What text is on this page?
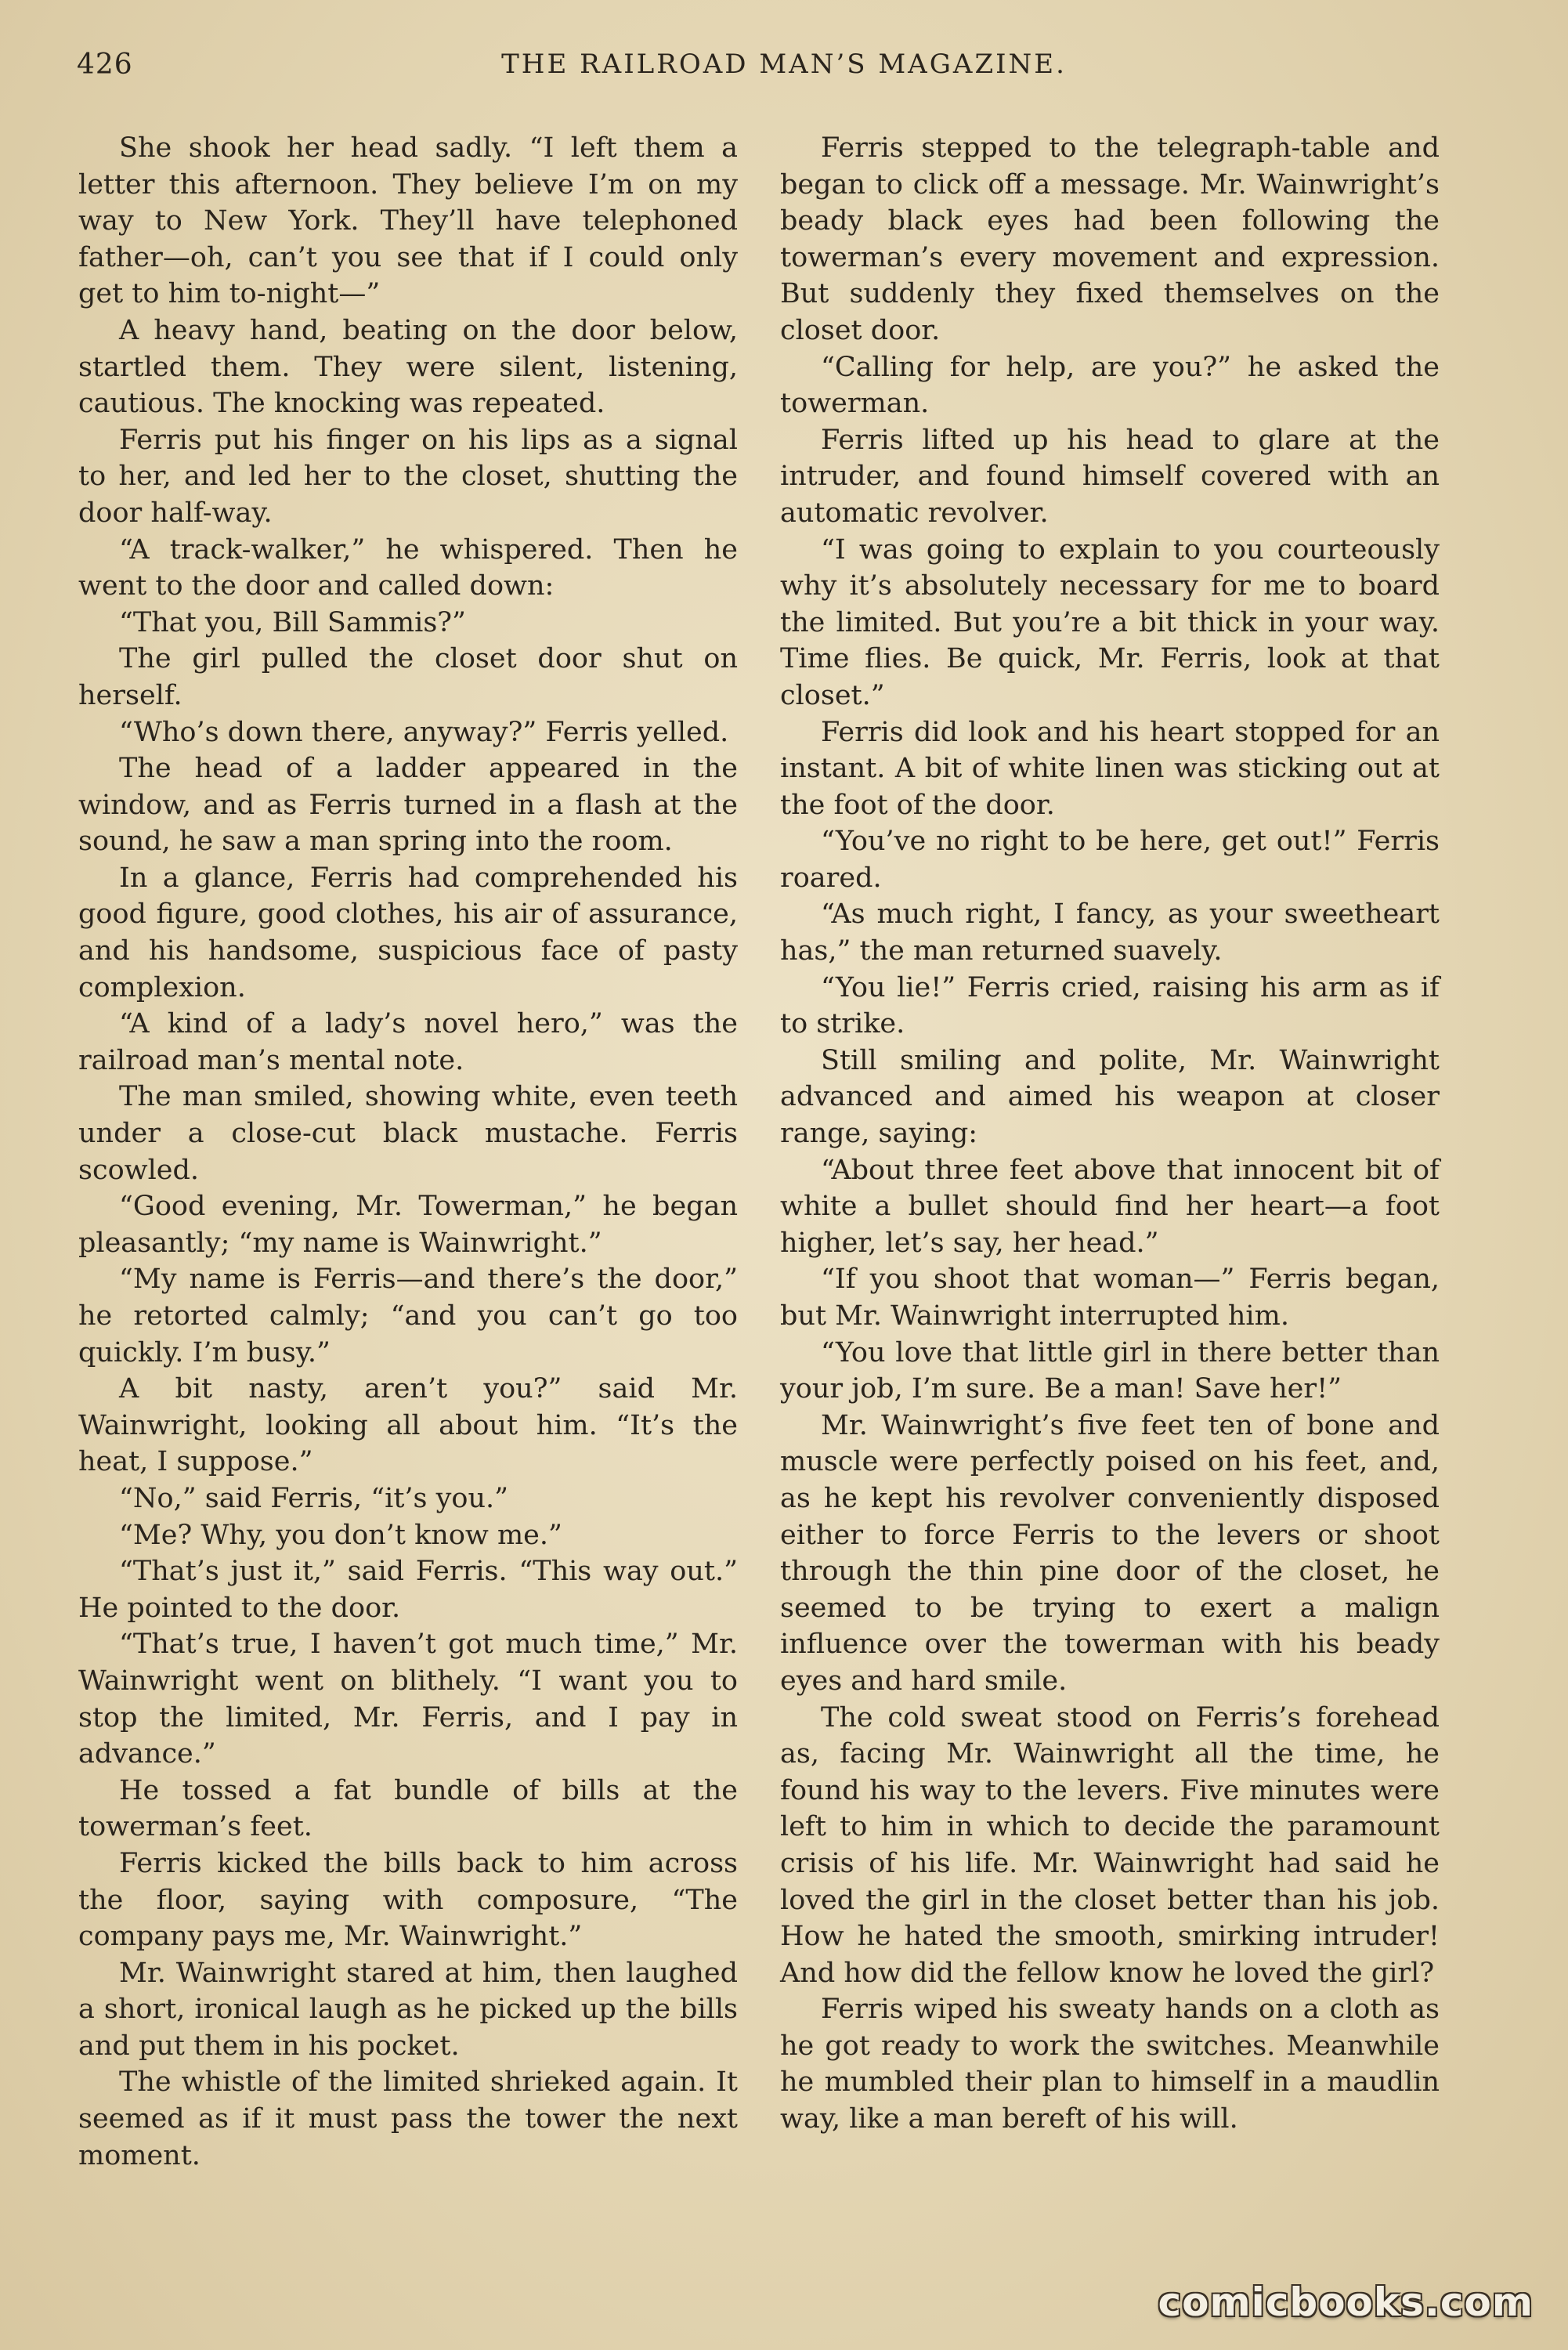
426	THE RAILROAD MAN’S MAGAZINE.

She shook her head sadly. “I left them a letter this afternoon. They believe I’m on my way to New York. They’ll have telephoned father—oh, can’t you see that if I could only get to him to-night—”

A heavy hand, beating on the door below, startled them. They were silent, listening, cautious. The knocking was repeated.

Ferris put his finger on his lips as a signal to her, and led her to the closet, shutting the door half-way.

“A track-walker,” he whispered. Then he went to the door and called down:

“That you, Bill Sammis?”

The girl pulled the closet door shut on herself.

“Who’s down there, anyway?” Ferris yelled.

The head of a ladder appeared in the window, and as Ferris turned in a flash at the sound, he saw a man spring into the room.

In a glance, Ferris had comprehended his good figure, good clothes, his air of assurance, and his handsome, suspicious face of pasty complexion.

“A kind of a lady’s novel hero,” was the railroad man’s mental note.

The man smiled, showing white, even teeth under a close-cut black mustache. Ferris scowled.

“Good evening, Mr. Towerman,” he began pleasantly; “my name is Wainwright.”

“My name is Ferris—and there’s the door,” he retorted calmly; “and you can’t go too quickly. I’m busy.”

A bit nasty, aren’t you?” said Mr. Wainwright, looking all about him. “It’s the heat, I suppose.”

“No,” said Ferris, “it’s you.”

“Me? Why, you don’t know me.”

“That’s just it,” said Ferris. “This way out.” He pointed to the door.

“That’s true, I haven’t got much time,” Mr. Wainwright went on blithely. “I want you to stop the limited, Mr. Ferris, and I pay in advance.”

He tossed a fat bundle of bills at the towerman’s feet.

Ferris kicked the bills back to him across the floor, saying with composure, “The company pays me, Mr. Wainwright.”

Mr. Wainwright stared at him, then laughed a short, ironical laugh as he picked up the bills and put them in his pocket.

The whistle of the limited shrieked again. It seemed as if it must pass the tower the next moment.

Ferris stepped to the telegraph-table and began to click off a message. Mr. Wainwright’s beady black eyes had been following the towerman’s every movement and expression. But suddenly they fixed themselves on the closet door.

“Calling for help, are you?” he asked the towerman.

Ferris lifted up his head to glare at the intruder, and found himself covered with an automatic revolver.

“I was going to explain to you courteously why it’s absolutely necessary for me to board the limited. But you’re a bit thick in your way. Time flies. Be quick, Mr. Ferris, look at that closet.”

Ferris did look and his heart stopped for an instant. A bit of white linen was sticking out at the foot of the door.

“You’ve no right to be here, get out!” Ferris roared.

“As much right, I fancy, as your sweetheart has,” the man returned suavely.

“You lie!” Ferris cried, raising his arm as if to strike.

Still smiling and polite, Mr. Wainwright advanced and aimed his weapon at closer range, saying:

“About three feet above that innocent bit of white a bullet should find her heart—a foot higher, let’s say, her head.”

“If you shoot that woman—” Ferris began, but Mr. Wainwright interrupted him.

“You love that little girl in there better than your job, I’m sure. Be a man! Save her!”

Mr. Wainwright’s five feet ten of bone and muscle were perfectly poised on his feet, and, as he kept his revolver conveniently disposed either to force Ferris to the levers or shoot through the thin pine door of the closet, he seemed to be trying to exert a malign influence over the towerman with his beady eyes and hard smile.

The cold sweat stood on Ferris’s forehead as, facing Mr. Wainwright all the time, he found his way to the levers. Five minutes were left to him in which to decide the paramount crisis of his life. Mr. Wainwright had said he loved the girl in the closet better than his job. How he hated the smooth, smirking intruder! And how did the fellow know he loved the girl?

Ferris wiped his sweaty hands on a cloth as he got ready to work the switches. Meanwhile he mumbled their plan to himself in a maudlin way, like a man bereft of his will.

comicbooks.com
